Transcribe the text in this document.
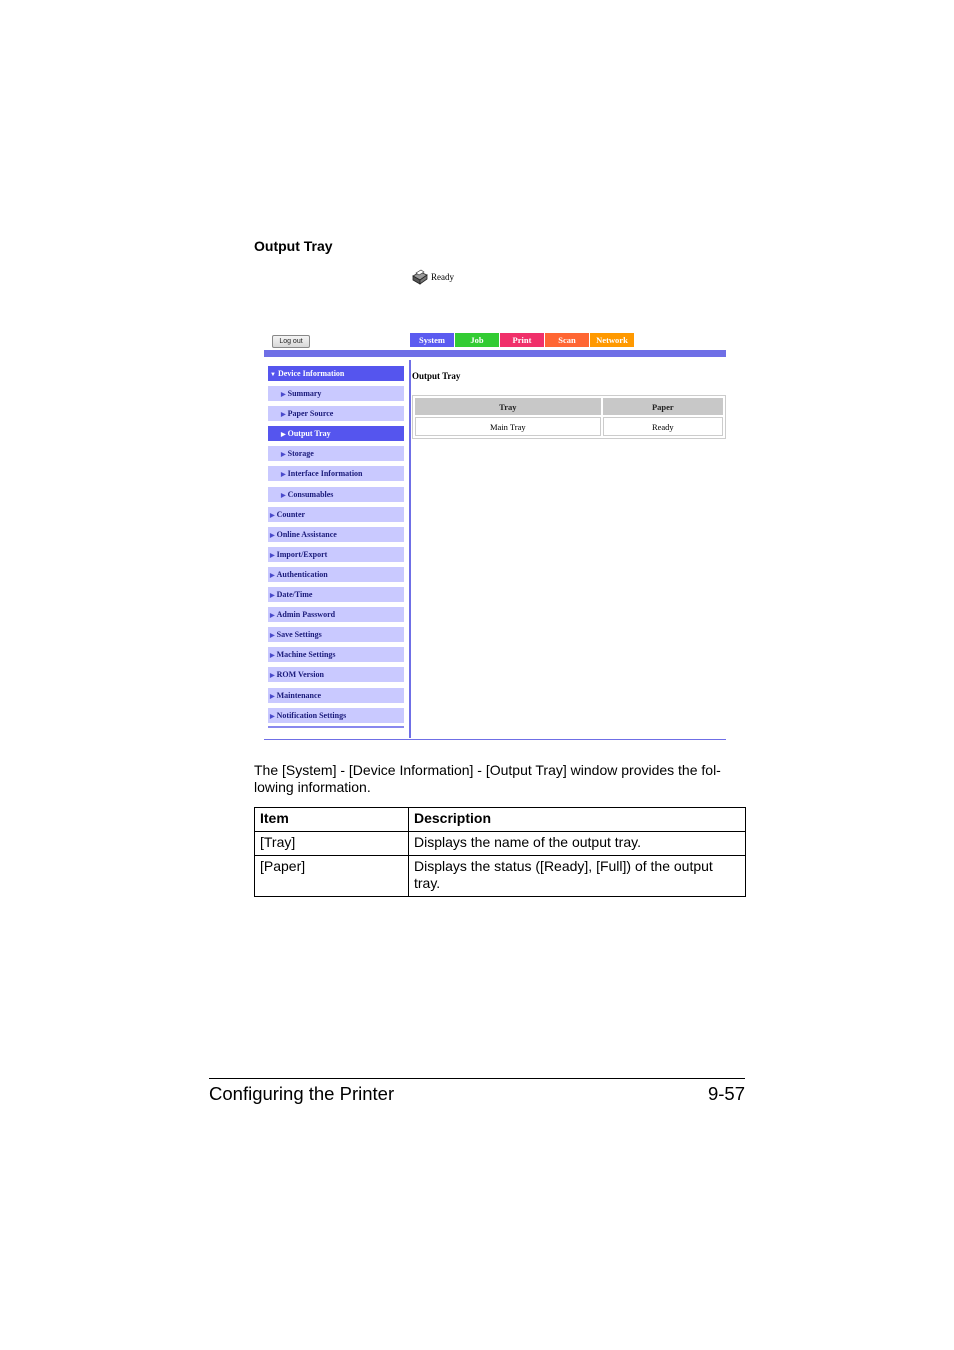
Output Tray
Ready
Log out	System	Job	Print	Scan	Network
▼ Device Information
▶ Summary
▶ Paper Source
▶ Output Tray
▶ Storage
▶ Interface Information
▶ Consumables
▶ Counter
▶ Online Assistance
▶ Import/Export
▶ Authentication
▶ Date/Time
▶ Admin Password
▶ Save Settings
▶ Machine Settings
▶ ROM Version
▶ Maintenance
▶ Notification Settings
Output Tray
Tray	Paper
Main Tray	Ready
The [System] - [Device Information] - [Output Tray] window provides the fol-lowing information.
Item	Description
[Tray]	Displays the name of the output tray.
[Paper]	Displays the status ([Ready], [Full]) of the output tray.
Configuring the Printer	9-57
